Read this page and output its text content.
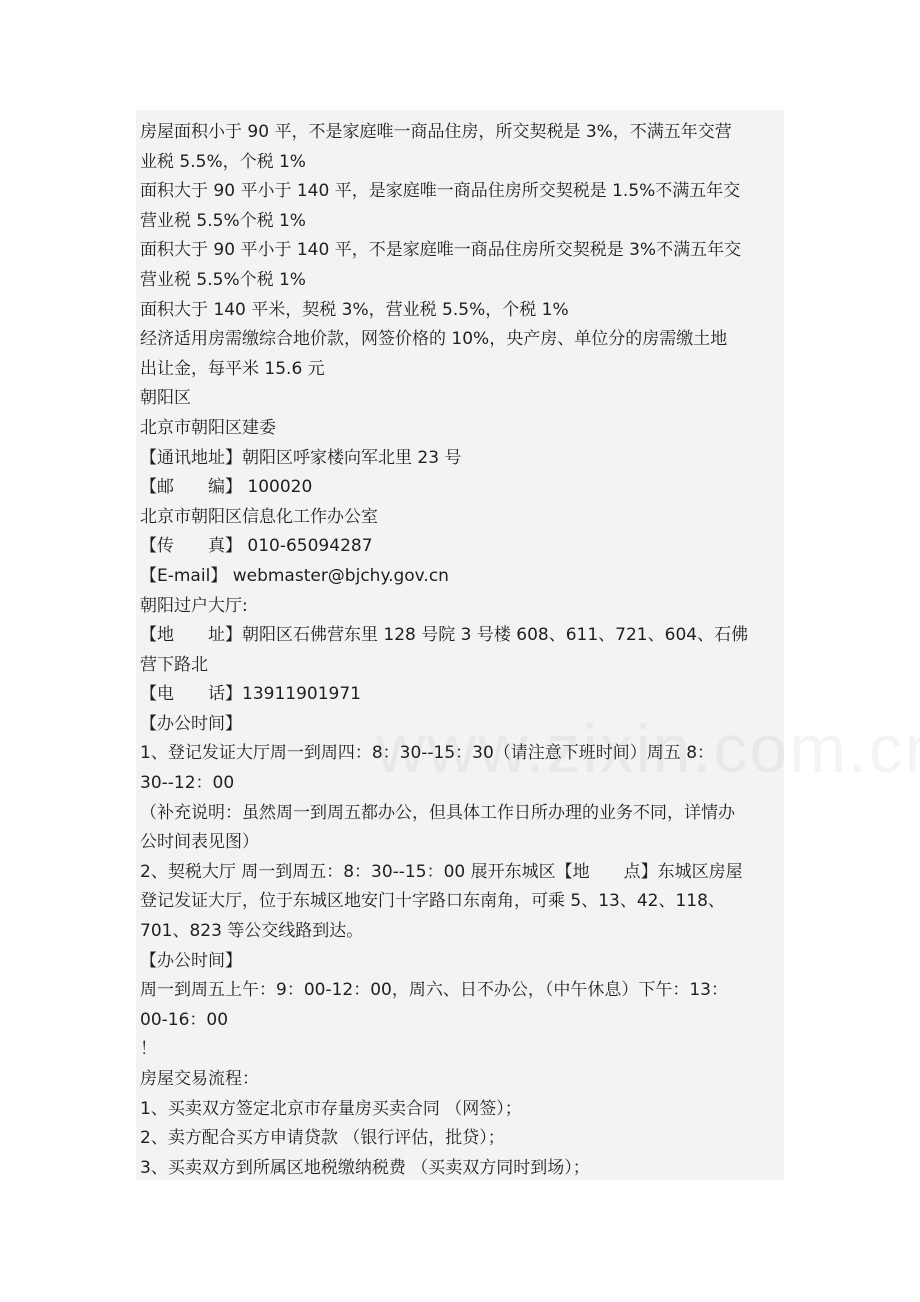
房屋面积小于 90 平，不是家庭唯一商品住房，所交契税是 3%，不满五年交营
业税 5.5%，个税 1%
面积大于 90 平小于 140 平，是家庭唯一商品住房所交契税是 1.5%不满五年交
营业税 5.5%个税 1%
面积大于 90 平小于 140 平，不是家庭唯一商品住房所交契税是 3%不满五年交
营业税 5.5%个税 1%
面积大于 140 平米，契税 3%，营业税 5.5%，个税 1%
经济适用房需缴综合地价款，网签价格的 10%，央产房、单位分的房需缴土地
出让金，每平米 15.6 元
朝阳区
北京市朝阳区建委
【通讯地址】朝阳区呼家楼向军北里 23 号
【邮　　编】 100020
北京市朝阳区信息化工作办公室
【传　　真】 010-65094287
【E-mail】 webmaster@bjchy.gov.cn
朝阳过户大厅:
【地　　址】朝阳区石佛营东里 128 号院 3 号楼 608、611、721、604、石佛
营下路北
【电　　话】13911901971
【办公时间】
1、登记发证大厅周一到周四：8：30--15：30（请注意下班时间）周五 8：
30--12：00
（补充说明：虽然周一到周五都办公，但具体工作日所办理的业务不同，详情办
公时间表见图）
2、契税大厅 周一到周五：8：30--15：00 展开东城区【地　　点】东城区房屋
登记发证大厅，位于东城区地安门十字路口东南角，可乘 5、13、42、118、
701、823 等公交线路到达。
【办公时间】
周一到周五上午：9：00-12：00，周六、日不办公，（中午休息）下午：13：
00-16：00
！
房屋交易流程：
1、买卖双方签定北京市存量房买卖合同 （网签）；
2、卖方配合买方申请贷款 （银行评估，批贷）；
3、买卖双方到所属区地税缴纳税费 （买卖双方同时到场）；
